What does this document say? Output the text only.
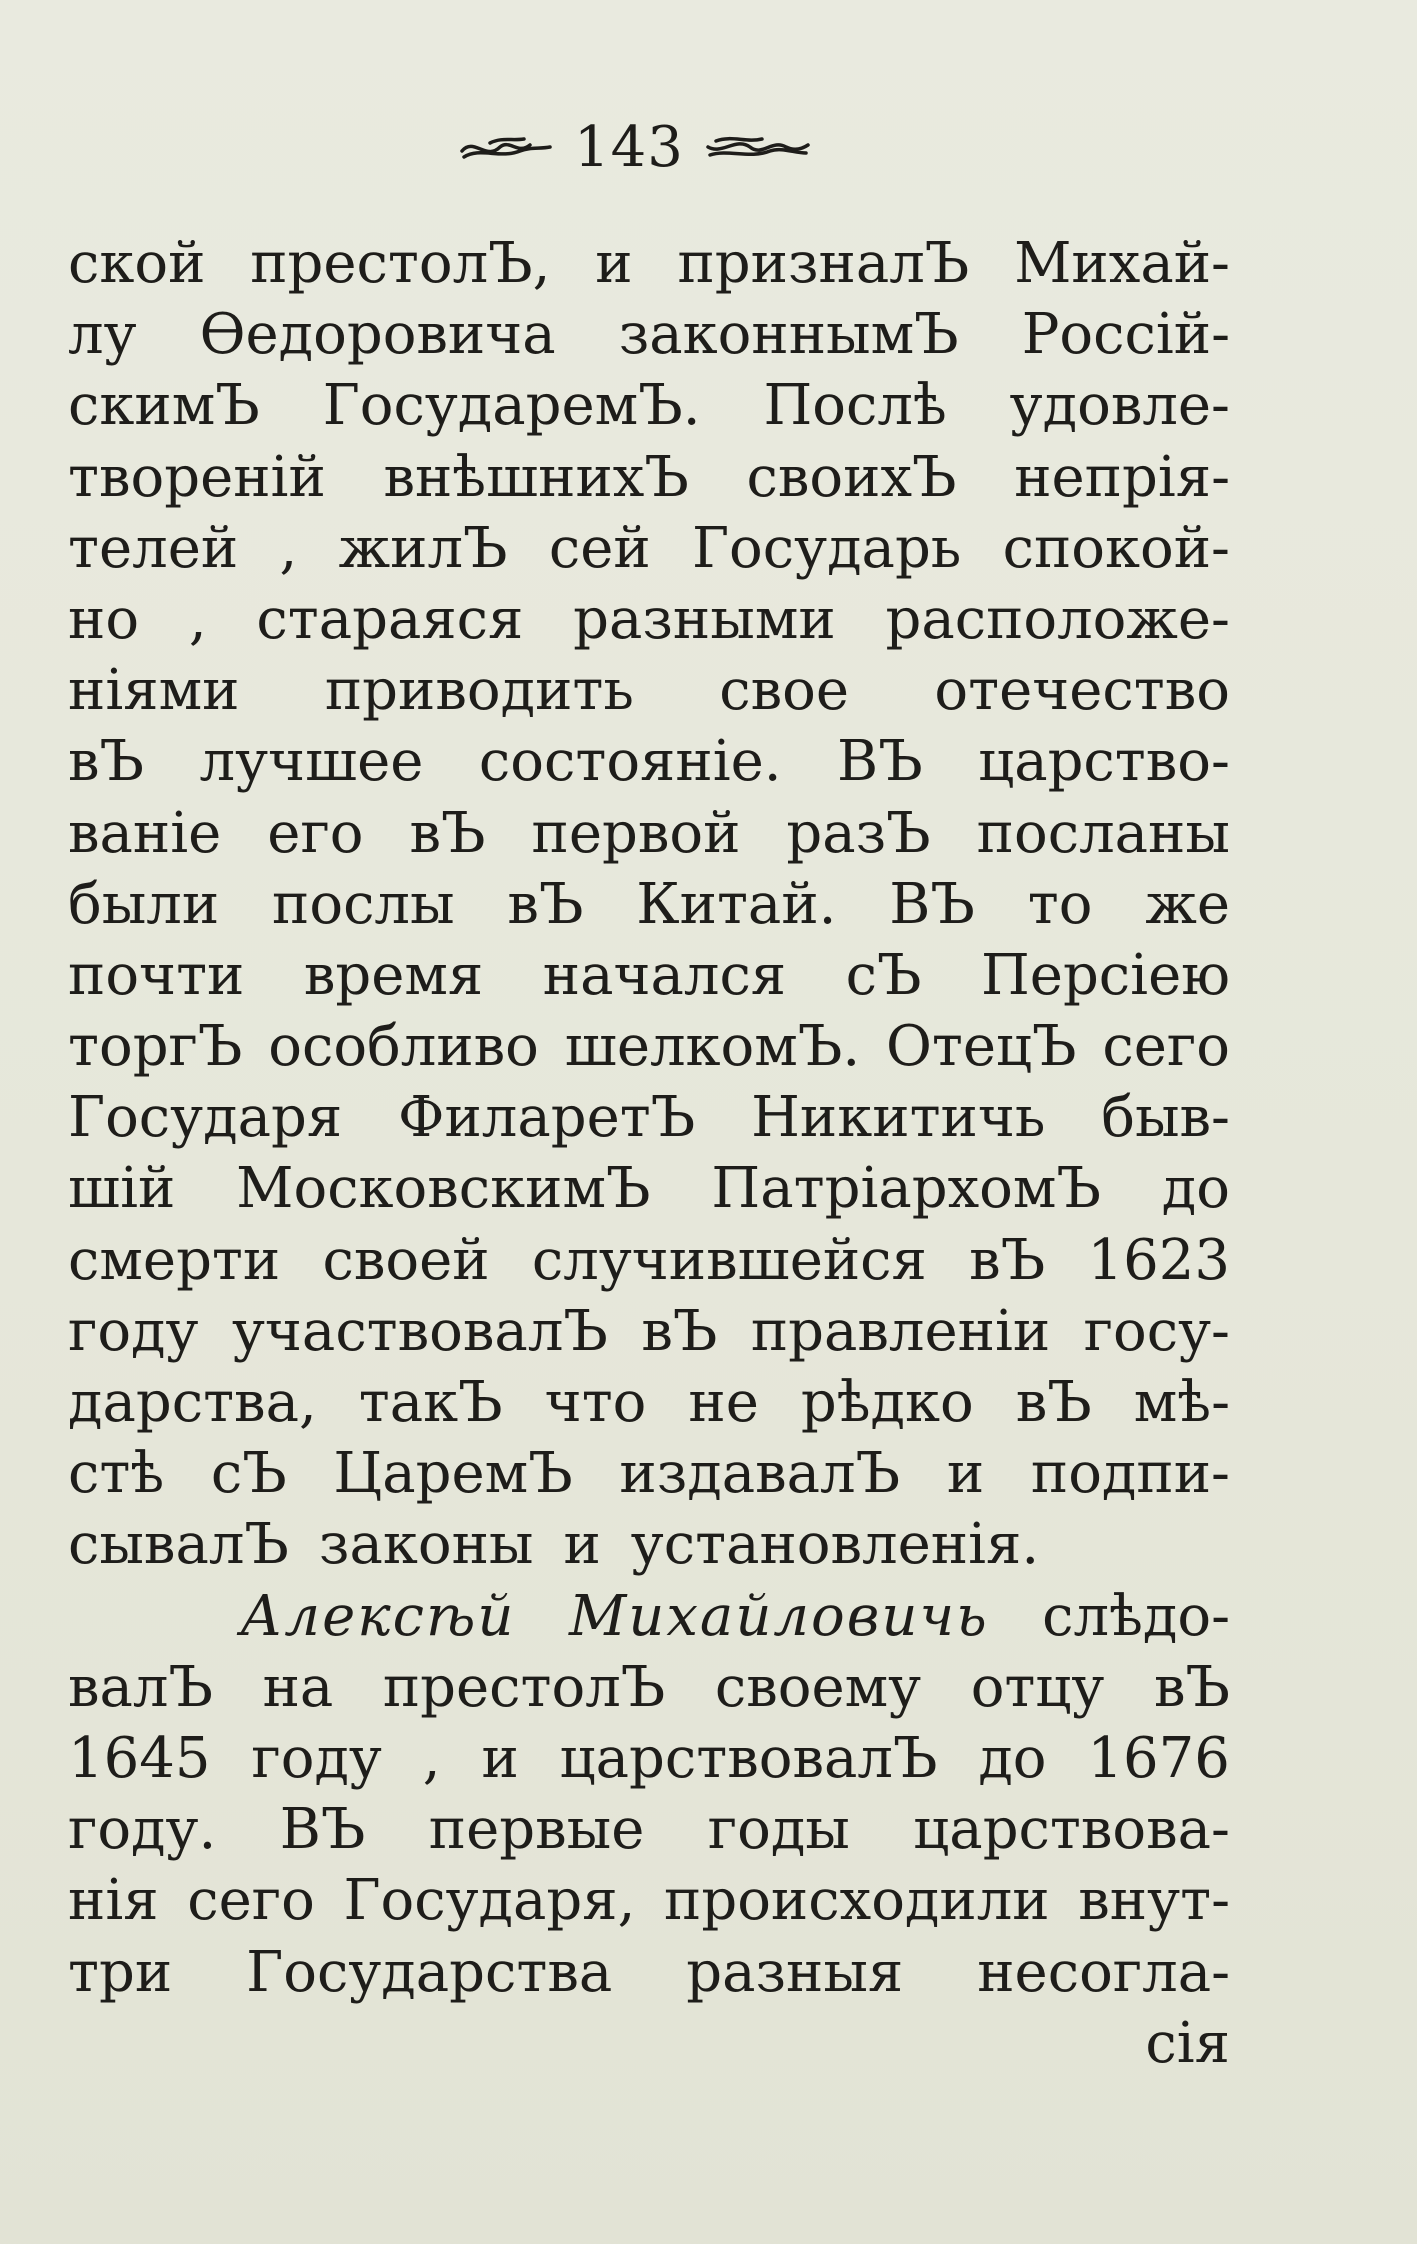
143
ской престолЪ, и призналЪ Михай-
лу Ѳедоровича законнымЪ Россій-
скимЪ ГосударемЪ. Послѣ удовле-
твореній внѣшнихЪ своихЪ непрія-
телей , жилЪ сей Государь спокой-
но , стараяся разными расположе-
ніями приводить свое отечество
вЪ лучшее состояніе. ВЪ царство-
ваніе его вЪ первой разЪ посланы
были послы вЪ Китай. ВЪ то же
почти время начался сЪ Персіею
торгЪ особливо шелкомЪ. ОтецЪ сего
Государя ФиларетЪ Никитичь быв-
шій МосковскимЪ ПатріархомЪ до
смерти своей случившейся вЪ 1623
году участвовалЪ вЪ правленіи госу-
дарства, такЪ что не рѣдко вЪ мѣ-
стѣ сЪ ЦаремЪ издавалЪ и подпи-
сывалЪ законы и установленія.
Алексѣй Михайловичь слѣдо-
валЪ на престолЪ своему отцу вЪ
1645 году , и царствовалЪ до 1676
году. ВЪ первые годы царствова-
нія сего Государя, происходили внут-
три Государства разныя несогла-
сія
